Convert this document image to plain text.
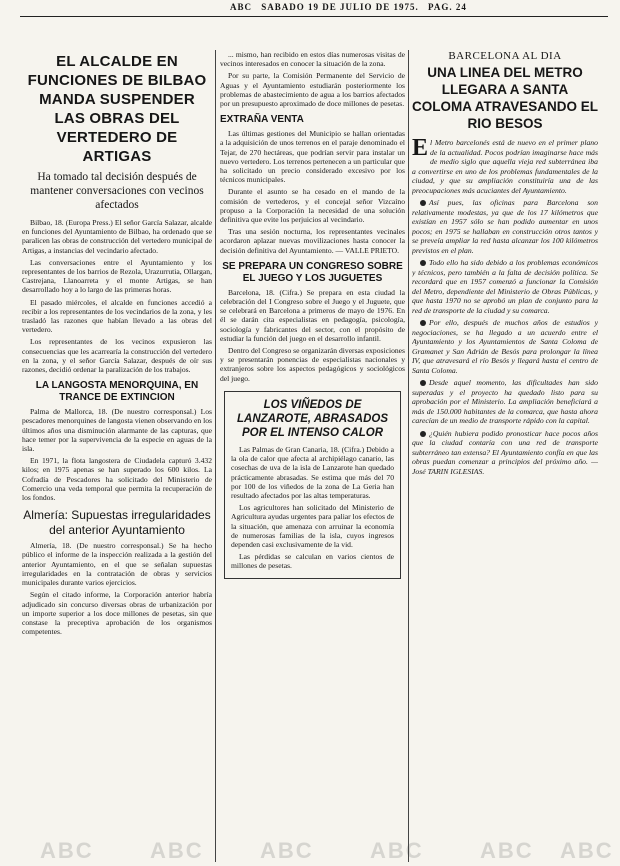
ABC SABADO 19 DE JULIO DE 1975. PAG. 24
ABC	ABC	ABC	ABC	ABC ABC
EL ALCALDE EN FUNCIONES DE BILBAO MANDA SUSPENDER LAS OBRAS DEL VERTEDERO DE ARTIGAS
Ha tomado tal decisión después de mantener conversaciones con vecinos afectados

Bilbao, 18. (Europa Press.) El señor García Salazar, alcalde en funciones del Ayuntamiento de Bilbao, ha ordenado que se paralicen las obras de construcción del vertedero municipal de Artigas, a instancias del vecindario afectado.

Las conversaciones entre el Ayuntamiento y los representantes de los barrios de Rezola, Urazurrutia, Ollargan, Castrejana, Llanoarreta y el monte Artigas, se han desarrollado hoy a lo largo de las primeras horas.

El pasado miércoles, el alcalde en funciones accedió a recibir a los representantes de los vecindarios de la zona, y les trasladó las razones que habían llevado a las obras del vertedero.

Los representantes de los vecinos expusieron las consecuencias que les acarrearía la construcción del vertedero en la zona, y el señor García Salazar, después de oír sus razones, decidió ordenar la paralización de los trabajos.

LA LANGOSTA MENORQUINA, EN TRANCE DE EXTINCION

Palma de Mallorca, 18. (De nuestro corresponsal.) Los pescadores menorquines de langosta vienen observando en los últimos años una disminución alarmante de las capturas, que hace temer por la supervivencia de la especie en aguas de la isla.

En 1971, la flota langostera de Ciudadela capturó 3.432 kilos; en 1975 apenas se han superado los 600 kilos. La Cofradía de Pescadores ha solicitado del Ministerio de Comercio una veda temporal que permita la recuperación de los fondos.

Almería: Supuestas irregularidades del anterior Ayuntamiento

Almería, 18. (De nuestro corresponsal.) Se ha hecho público el informe de la inspección realizada a la gestión del anterior Ayuntamiento, en el que se señalan supuestas irregularidades en la contratación de obras y servicios municipales durante varios ejercicios.

Según el citado informe, la Corporación anterior habría adjudicado sin concurso diversas obras de urbanización por un importe superior a los doce millones de pesetas, sin que constase la preceptiva aprobación de los organismos competentes.

... mismo, han recibido en estos días numerosas visitas de vecinos interesados en conocer la situación de la zona.

Por su parte, la Comisión Permanente del Servicio de Aguas y el Ayuntamiento estudiarán posteriormente los problemas de abastecimiento de agua a los barrios afectados por un presupuesto aproximado de doce millones de pesetas.

EXTRAÑA VENTA

Las últimas gestiones del Municipio se hallan orientadas a la adquisición de unos terrenos en el paraje denominado el Tejar, de 270 hectáreas, que podrían servir para instalar un nuevo vertedero. Los terrenos pertenecen a un particular que ha solicitado un precio considerado excesivo por los técnicos municipales.

Durante el asunto se ha cesado en el mando de la comisión de vertederos, y el concejal señor Vizcaíno propuso a la Corporación la necesidad de una solución definitiva que evite los perjuicios al vecindario.

Tras una sesión nocturna, los representantes vecinales acordaron aplazar nuevas movilizaciones hasta conocer la decisión definitiva del Ayuntamiento. — VALLE PRIETO.

SE PREPARA UN CONGRESO SOBRE EL JUEGO Y LOS JUGUETES

Barcelona, 18. (Cifra.) Se prepara en esta ciudad la celebración del I Congreso sobre el Juego y el Juguete, que se celebrará en Barcelona a primeros de mayo de 1976. En él se darán cita especialistas en pedagogía, psicología, sociología y fabricantes del sector, con el propósito de estudiar la función del juego en el desarrollo infantil.

Dentro del Congreso se organizarán diversas exposiciones y se presentarán ponencias de especialistas nacionales y extranjeros sobre los aspectos pedagógicos y sociológicos del juego.

LOS VIÑEDOS DE LANZAROTE, ABRASADOS POR EL INTENSO CALOR

Las Palmas de Gran Canaria, 18. (Cifra.) Debido a la ola de calor que afecta al archipiélago canario, las cosechas de uva de la isla de Lanzarote han quedado prácticamente abrasadas. Se estima que más del 70 por 100 de los viñedos de la zona de La Geria han resultado afectados por las altas temperaturas.

Los agricultores han solicitado del Ministerio de Agricultura ayudas urgentes para paliar los efectos de la situación, que amenaza con arruinar la economía de numerosas familias de la isla, cuyos ingresos dependen casi exclusivamente de la vid.

Las pérdidas se calculan en varios cientos de millones de pesetas.

BARCELONA AL DIA
UNA LINEA DEL METRO LLEGARA A SANTA COLOMA ATRAVESANDO EL RIO BESOS

El Metro barcelonés está de nuevo en el primer plano de la actualidad. Pocos podrían imaginarse hace más de medio siglo que aquella vieja red subterránea iba a convertirse en uno de los problemas fundamentales de la ciudad, y que su ampliación constituiría una de las preocupaciones más acuciantes del Ayuntamiento.

Así pues, las oficinas para Barcelona son relativamente modestas, ya que de los 17 kilómetros que existían en 1957 sólo se han podido aumentar en unos pocos; en 1975 se hallaban en construcción otros tantos y se preveía ampliar la red hasta alcanzar los 100 kilómetros previstos en el plan.

Todo ello ha sido debido a los problemas económicos y técnicos, pero también a la falta de decisión política. Se recordará que en 1957 comenzó a funcionar la Comisión del Metro, dependiente del Ministerio de Obras Públicas, y que hasta 1970 no se aprobó un plan de conjunto para la red de transporte de la ciudad y su comarca.

Por ello, después de muchos años de estudios y negociaciones, se ha llegado a un acuerdo entre el Ayuntamiento y los Ayuntamientos de Santa Coloma de Gramanet y San Adrián de Besós para prolongar la línea IV, que atravesará el río Besós y llegará hasta el centro de Santa Coloma.

Desde aquel momento, las dificultades han sido superadas y el proyecto ha quedado listo para su aprobación por el Ministerio. La ampliación beneficiará a más de 150.000 habitantes de la comarca, que hasta ahora carecían de un medio de transporte rápido con la capital.

¿Quién hubiera podido pronosticar hace pocos años que la ciudad contaría con una red de transporte subterráneo tan extensa? El Ayuntamiento confía en que las obras puedan comenzar a principios del próximo año. — José TARIN IGLESIAS.
